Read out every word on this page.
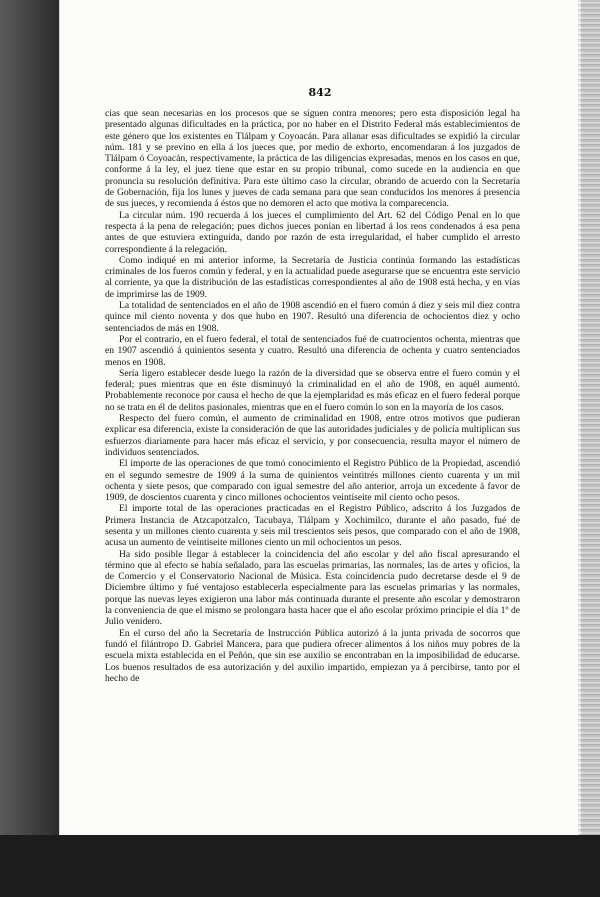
842

cias que sean necesarias en los procesos que se siguen contra menores; pero esta disposición legal ha presentado algunas dificultades en la práctica, por no haber en el Distrito Federal más establecimientos de este género que los existentes en Tlálpam y Coyoacán. Para allanar esas dificultades se expidió la circular núm. 181 y se previno en ella á los jueces que, por medio de exhorto, encomendaran á los juzgados de Tlálpam ó Coyoacán, respectivamente, la práctica de las diligencias expresadas, menos en los casos en que, conforme á la ley, el juez tiene que estar en su propio tribunal, como sucede en la audiencia en que pronuncia su resolución definitiva. Para este último caso la circular, obrando de acuerdo con la Secretaría de Gobernación, fija los lunes y jueves de cada semana para que sean conducidos los menores á presencia de sus jueces, y recomienda á éstos que no demoren el acto que motiva la comparecencia.

La circular núm. 190 recuerda á los jueces el cumplimiento del Art. 62 del Código Penal en lo que respecta á la pena de relegación; pues dichos jueces ponían en libertad á los reos condenados á esa pena antes de que estuviera extinguida, dando por razón de esta irregularidad, el haber cumplido el arresto correspondiente á la relegación.

Como indiqué en mi anterior informe, la Secretaría de Justicia continúa formando las estadísticas criminales de los fueros común y federal, y en la actualidad puede asegurarse que se encuentra este servicio al corriente, ya que la distribución de las estadísticas correspondientes al año de 1908 está hecha, y en vías de imprimirse las de 1909.

La totalidad de sentenciados en el año de 1908 ascendió en el fuero común á diez y seis mil diez contra quince mil ciento noventa y dos que hubo en 1907. Resultó una diferencia de ochocientos diez y ocho sentenciados de más en 1908.

Por el contrario, en el fuero federal, el total de sentenciados fué de cuatrocientos ochenta, mientras que en 1907 ascendió á quinientos sesenta y cuatro. Resultó una diferencia de ochenta y cuatro sentenciados menos en 1908.

Sería ligero establecer desde luego la razón de la diversidad que se observa entre el fuero común y el federal; pues mientras que en éste disminuyó la criminalidad en el año de 1908, en aquél aumentó. Probablemente reconoce por causa el hecho de que la ejemplaridad es más eficaz en el fuero federal porque no se trata en él de delitos pasionales, mientras que en el fuero común lo son en la mayoría de los casos.

Respecto del fuero común, el aumento de criminalidad en 1908, entre otros motivos que pudieran explicar esa diferencia, existe la consideración de que las autoridades judiciales y de policía multiplican sus esfuerzos diariamente para hacer más eficaz el servicio, y por consecuencia, resulta mayor el número de individuos sentenciados.

El importe de las operaciones de que tomó conocimiento el Registro Público de la Propiedad, ascendió en el segundo semestre de 1909 á la suma de quinientos veintitrés millones ciento cuarenta y un mil ochenta y siete pesos, que comparado con igual semestre del año anterior, arroja un excedente á favor de 1909, de doscientos cuarenta y cinco millones ochocientos veintiseite mil ciento ocho pesos.

El importe total de las operaciones practicadas en el Registro Público, adscrito á los Juzgados de Primera Instancia de Atzcapotzalco, Tacubaya, Tlálpam y Xochimilco, durante el año pasado, fué de sesenta y un millones ciento cuarenta y seis mil trescientos seis pesos, que comparado con el año de 1908, acusa un aumento de veintiseite millones ciento un mil ochocientos un pesos.

Ha sido posible llegar á establecer la coincidencia del año escolar y del año fiscal apresurando el término que al efecto se había señalado, para las escuelas primarias, las normales, las de artes y oficios, la de Comercio y el Conservatorio Nacional de Música. Esta coincidencia pudo decretarse desde el 9 de Diciembre último y fué ventajoso establecerla especialmente para las escuelas primarias y las normales, porque las nuevas leyes exigieron una labor más continuada durante el presente año escolar y demostraron la conveniencia de que el mismo se prolongara hasta hacer que el año escolar próximo principie el día 1º de Julio venidero.

En el curso del año la Secretaría de Instrucción Pública autorizó á la junta privada de socorros que fundó el filántropo D. Gabriel Mancera, para que pudiera ofrecer alimentos á los niños muy pobres de la escuela mixta establecida en el Peñón, que sin ese auxilio se encontraban en la imposibilidad de educarse. Los buenos resultados de esa autorización y del auxilio impartido, empiezan ya á percibirse, tanto por el hecho de
